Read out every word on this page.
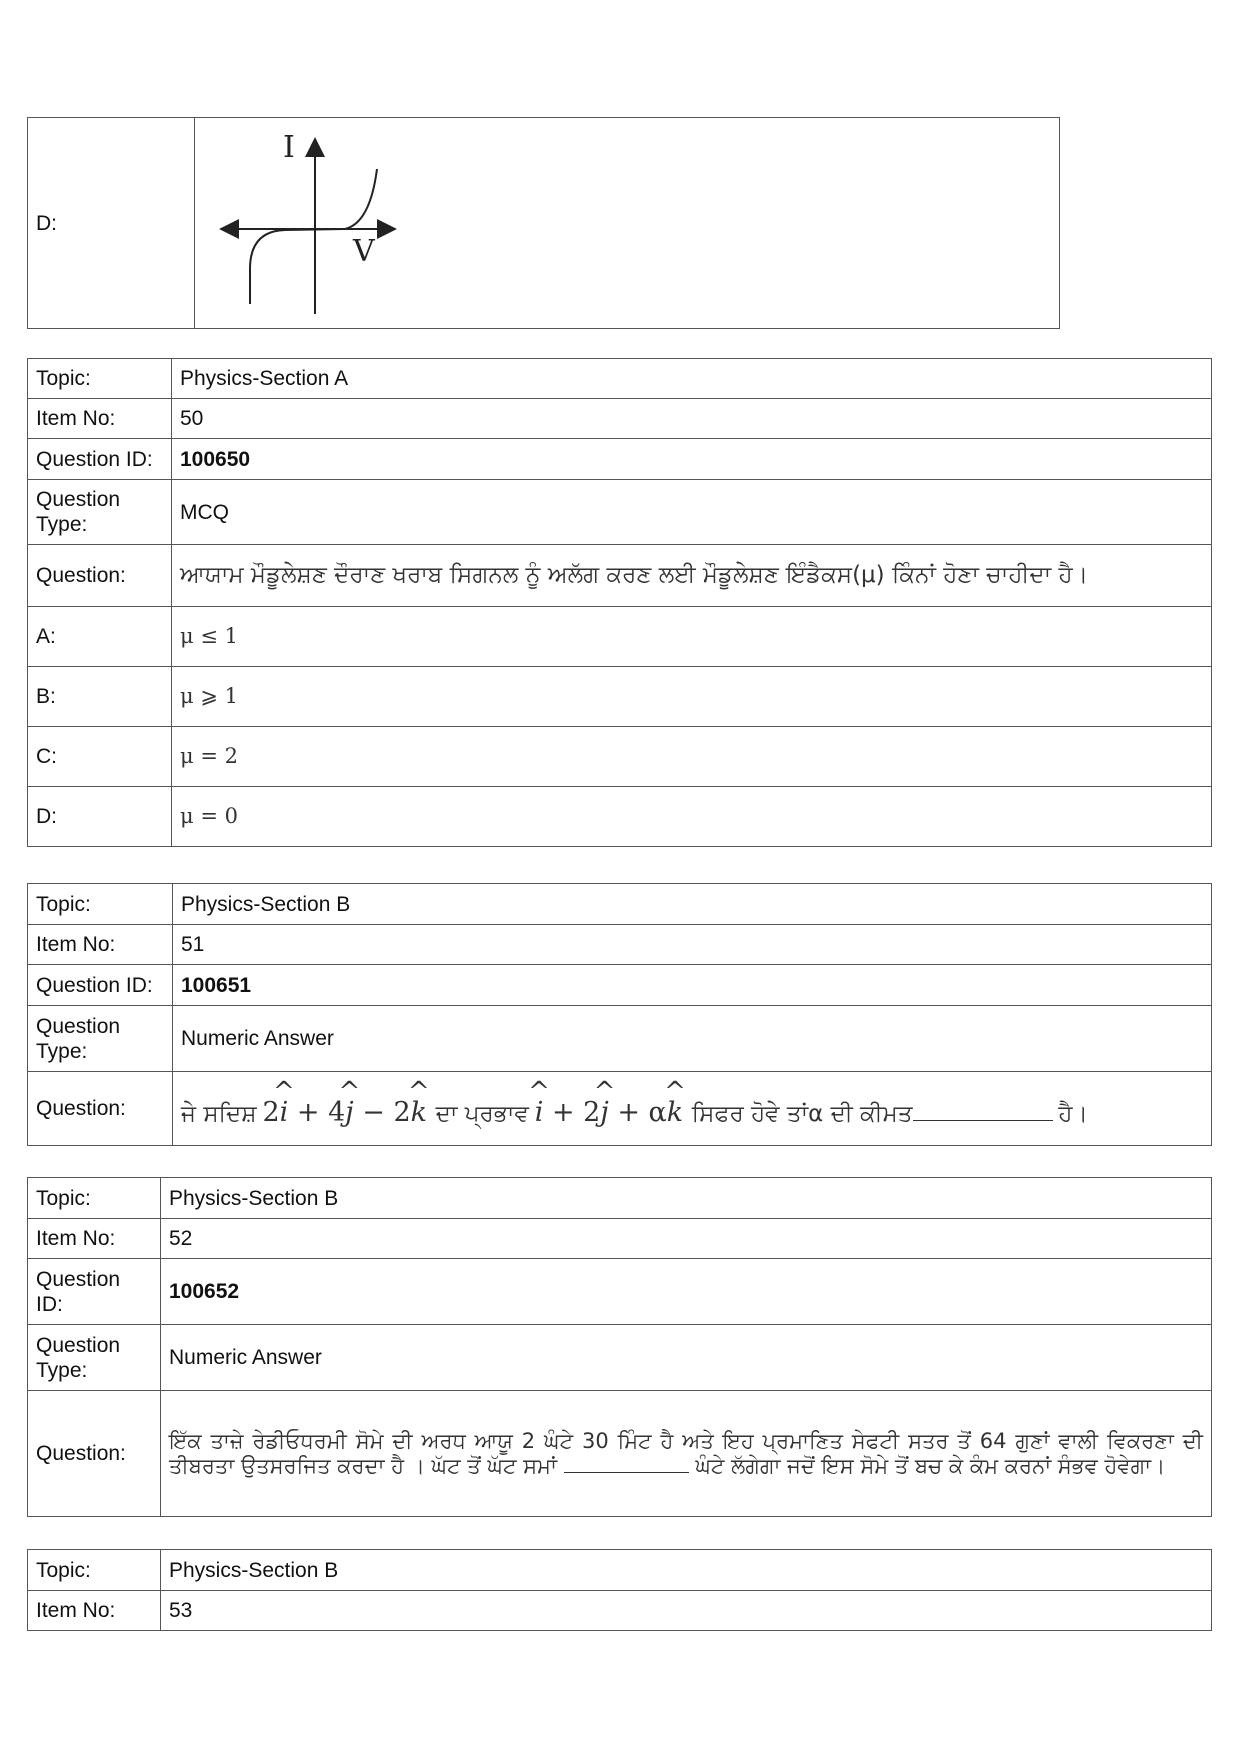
D:	
I
V
Topic:	Physics-Section A
Item No:	50
Question ID:	100650
Question Type:	MCQ
Question:	ਆਯਾਮ ਮੌਡੂਲੇਸ਼ਣ ਦੌਰਾਣ ਖਰਾਬ ਸਿਗਨਲ ਨੂੰ ਅਲੱਗ ਕਰਣ ਲਈ ਮੌਡੂਲੇਸ਼ਣ ਇੰਡੈਕਸ(μ) ਕਿੰਨਾਂ ਹੋਣਾ ਚਾਹੀਦਾ ਹੈ।
A:	μ ≤ 1
B:	μ ⩾ 1
C:	μ = 2
D:	μ = 0
Topic:	Physics-Section B
Item No:	51
Question ID:	100651
Question Type:	Numeric Answer
Question:	ਜੇ ਸਦਿਸ਼ 2^ i + 4^ j − 2^ k ਦਾ ਪ੍ਰਭਾਵ ^ i + 2^ j + α^ k ਸਿਫਰ ਹੋਵੇ ਤਾਂα ਦੀ ਕੀਮਤ ਹੈ।
Topic:	Physics-Section B
Item No:	52
Question ID:	100652
Question Type:	Numeric Answer
Question:	ਇੱਕ ਤਾਜ਼ੇ ਰੇਡੀਓਧਰਮੀ ਸੋਮੇ ਦੀ ਅਰਧ ਆਯੂ 2 ਘੰਟੇ 30 ਮਿੰਟ ਹੈ ਅਤੇ ਇਹ ਪ੍ਰਮਾਣਿਤ ਸੇਫਟੀ ਸਤਰ ਤੋਂ 64 ਗੁਣਾਂ ਵਾਲੀ ਵਿਕਰਣਾ ਦੀ ਤੀਬਰਤਾ ਉਤਸਰਜਿਤ ਕਰਦਾ ਹੈ । ਘੱਟ ਤੋਂ ਘੱਟ ਸਮਾਂ ਘੰਟੇ ਲੱਗੇਗਾ ਜਦੋਂ ਇਸ ਸੋਮੇ ਤੋਂ ਬਚ ਕੇ ਕੰਮ ਕਰਨਾਂ ਸੰਭਵ ਹੋਵੇਗਾ।
Topic:	Physics-Section B
Item No:	53
